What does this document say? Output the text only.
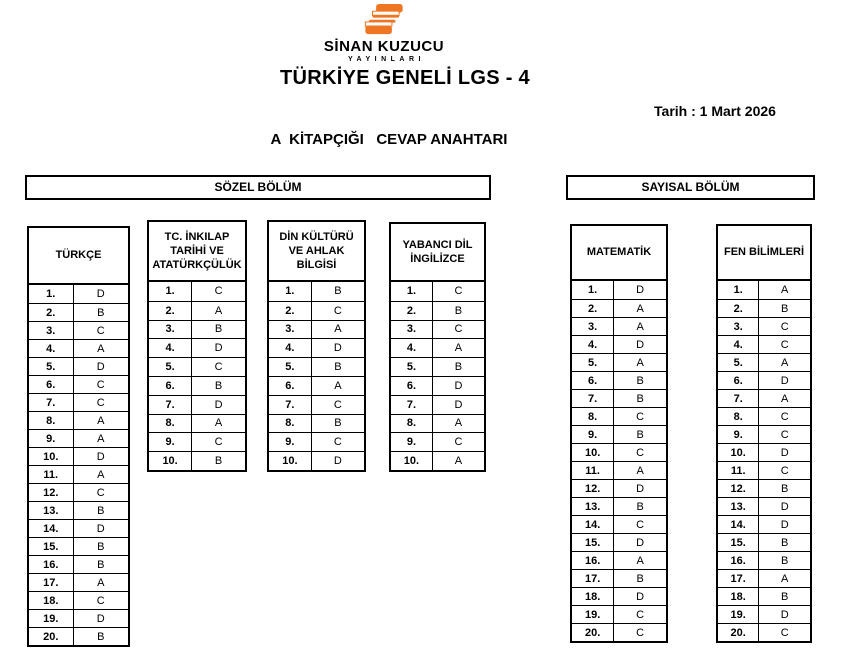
SİNAN KUZUCU
YAYINLARI
TÜRKİYE GENELİ LGS - 4
Tarih : 1 Mart 2026
A  KİTAPÇIĞI   CEVAP ANAHTARI
SÖZEL BÖLÜM	SAYISAL BÖLÜM
TÜRKÇE
1.	D
2.	B
3.	C
4.	A
5.	D
6.	C
7.	C
8.	A
9.	A
10.	D
11.	A
12.	C
13.	B
14.	D
15.	B
16.	B
17.	A
18.	C
19.	D
20.	B
TC. İNKILAP TARİHİ VE ATATÜRKÇÜLÜK
1.	C
2.	A
3.	B
4.	D
5.	C
6.	B
7.	D
8.	A
9.	C
10.	B
DİN KÜLTÜRÜ VE AHLAK BİLGİSİ
1.	B
2.	C
3.	A
4.	D
5.	B
6.	A
7.	C
8.	B
9.	C
10.	D
YABANCI DİL İNGİLİZCE
1.	C
2.	B
3.	C
4.	A
5.	B
6.	D
7.	D
8.	A
9.	C
10.	A
MATEMATİK
1.	D
2.	A
3.	A
4.	D
5.	A
6.	B
7.	B
8.	C
9.	B
10.	C
11.	A
12.	D
13.	B
14.	C
15.	D
16.	A
17.	B
18.	D
19.	C
20.	C
FEN BİLİMLERİ
1.	A
2.	B
3.	C
4.	C
5.	A
6.	D
7.	A
8.	C
9.	C
10.	D
11.	C
12.	B
13.	D
14.	D
15.	B
16.	B
17.	A
18.	B
19.	D
20.	C
